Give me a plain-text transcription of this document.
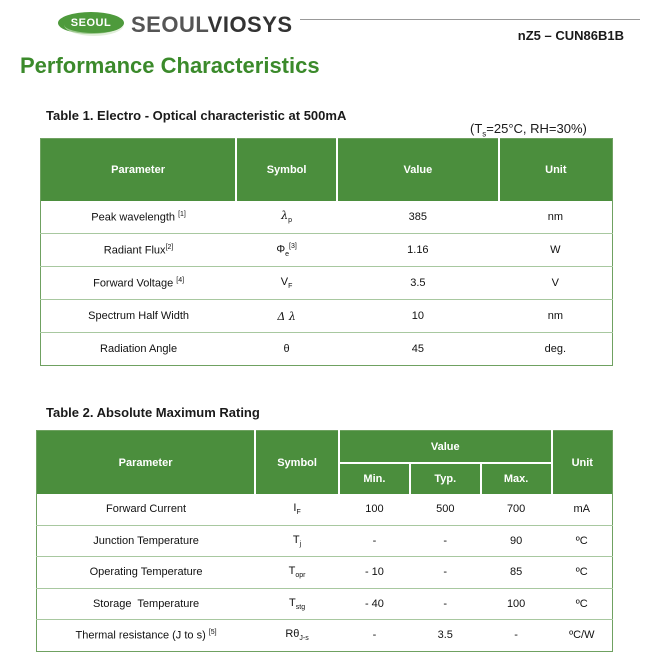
SEOUL SEOULVIOSYS	nZ5 – CUN86B1B
Performance Characteristics
Table 1. Electro - Optical characteristic at 500mA
($T_s=25^\circ C$, RH=30%)
Parameter	Symbol	Value	Unit
Peak wavelength [1]	$\lambda_p$	385	nm
Radiant Flux[2]	$\Phi_e[3]$	1.16	W
Forward Voltage [4]	$V_F$	3.5	V
Spectrum Half Width	Δ λ	10	nm
Radiation Angle	θ	45	deg.
Table 2. Absolute Maximum Rating
Parameter	Symbol	Value			Unit
		Min.	Typ.	Max.	
Forward Current	$I_F$	100	500	700	mA
Junction Temperature	$T_j$	-	-	90	ºC
Operating Temperature	$T_{opr}$	- 10	-	85	ºC
Storage  Temperature	$T_{stg}$	- 40	-	100	ºC
Thermal resistance (J to s) [5]	$R\theta_{J-s}$	-	3.5	-	ºC/W
